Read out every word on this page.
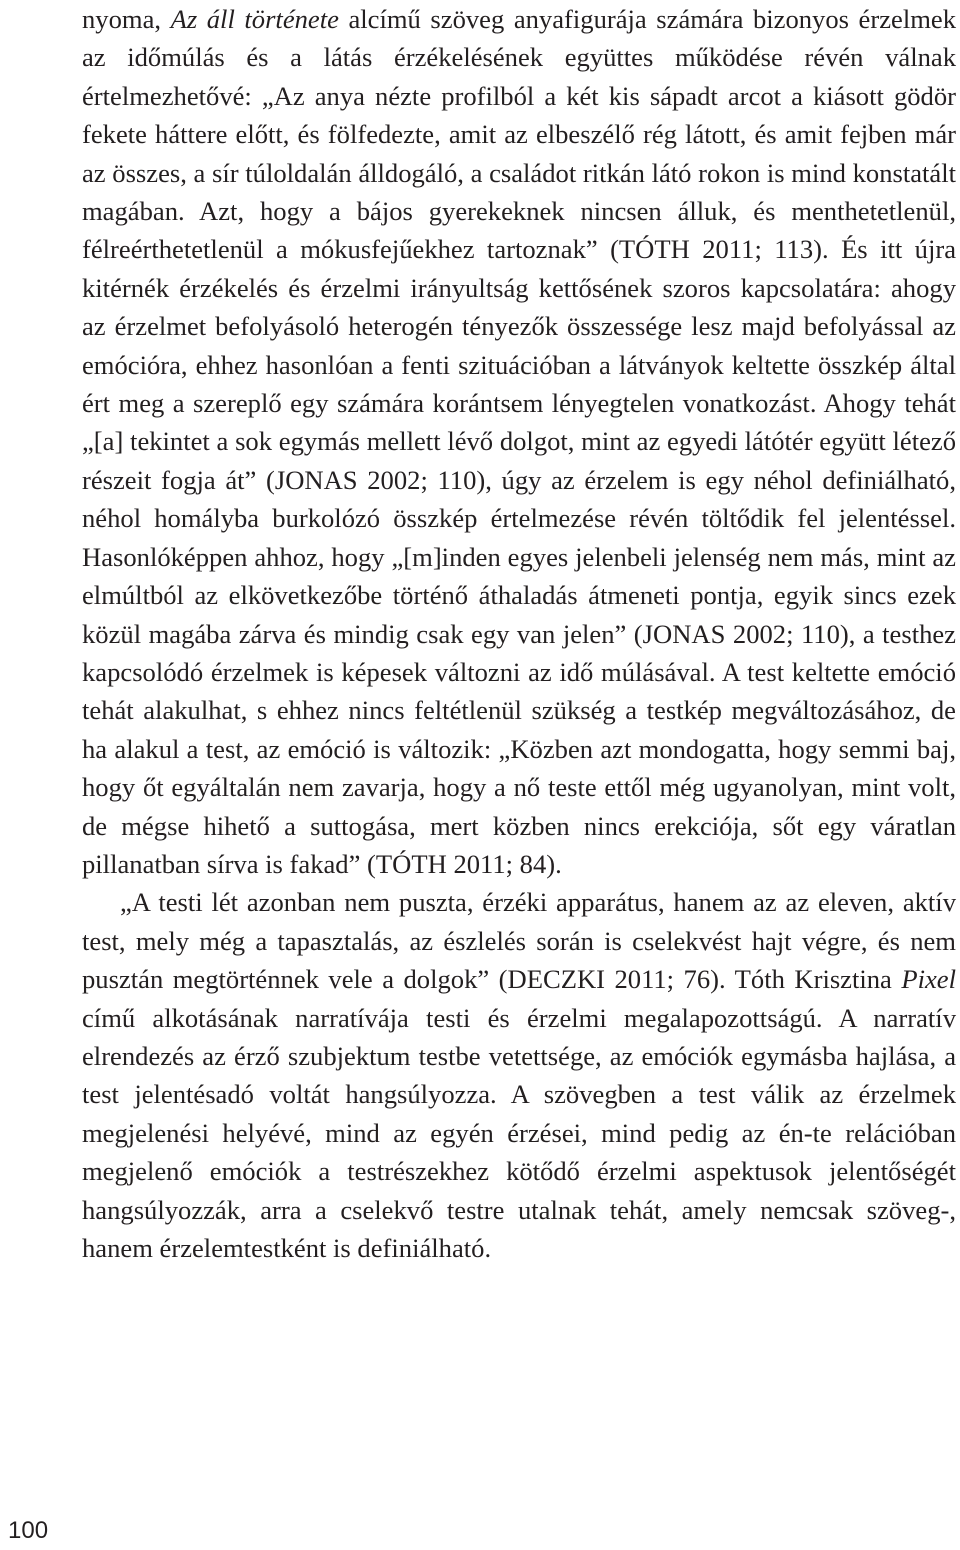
nyoma, Az áll története alcímű szöveg anyafigurája számára bizonyos érzelmek az időmúlás és a látás érzékelésének együttes működése révén válnak értelmezhetővé: „Az anya nézte profilból a két kis sápadt arcot a kiásott gödör fekete háttere előtt, és fölfedezte, amit az elbeszélő rég látott, és amit fejben már az összes, a sír túloldalán álldogáló, a családot ritkán látó rokon is mind konstatált magában. Azt, hogy a bájos gyerekeknek nincsen álluk, és menthetetlenül, félreérthetetlenül a mókusfejűekhez tartoznak” (TÓTH 2011; 113). És itt újra kitérnék érzékelés és érzelmi irányultság kettősének szoros kapcsolatára: ahogy az érzelmet befolyásoló heterogén tényezők összessége lesz majd befolyással az emócióra, ehhez hasonlóan a fenti szituációban a látványok keltette összkép által ért meg a szereplő egy számára korántsem lényegtelen vonatkozást. Ahogy tehát „[a] tekintet a sok egymás mellett lévő dolgot, mint az egyedi látótér együtt létező részeit fogja át” (JONAS 2002; 110), úgy az érzelem is egy néhol definiálható, néhol homályba burkolózó összkép értelmezése révén töltődik fel jelentéssel. Hasonlóképpen ahhoz, hogy „[m]inden egyes jelenbeli jelenség nem más, mint az elmúltból az elkövetkezőbe történő áthaladás átmeneti pontja, egyik sincs ezek közül magába zárva és mindig csak egy van jelen” (JONAS 2002; 110), a testhez kapcsolódó érzelmek is képesek változni az idő múlásával. A test keltette emóció tehát alakulhat, s ehhez nincs feltétlenül szükség a testkép megváltozásához, de ha alakul a test, az emóció is változik: „Közben azt mondogatta, hogy semmi baj, hogy őt egyáltalán nem zavarja, hogy a nő teste ettől még ugyanolyan, mint volt, de mégse hihető a suttogása, mert közben nincs erekciója, sőt egy váratlan pillanatban sírva is fakad” (TÓTH 2011; 84).

„A testi lét azonban nem puszta, érzéki apparátus, hanem az az eleven, aktív test, mely még a tapasztalás, az észlelés során is cselekvést hajt végre, és nem pusztán megtörténnek vele a dolgok” (DECZKI 2011; 76). Tóth Krisztina Pixel című alkotásának narratívája testi és érzelmi megalapozottságú. A narratív elrendezés az érző szubjektum testbe vetettsége, az emóciók egymásba hajlása, a test jelentésadó voltát hangsúlyozza. A szövegben a test válik az érzelmek megjelenési helyévé, mind az egyén érzései, mind pedig az én-te relációban megjelenő emóciók a testrészekhez kötődő érzelmi aspektusok jelentőségét hangsúlyozzák, arra a cselekvő testre utalnak tehát, amely nemcsak szöveg-, hanem érzelemtestként is definiálható.

100
